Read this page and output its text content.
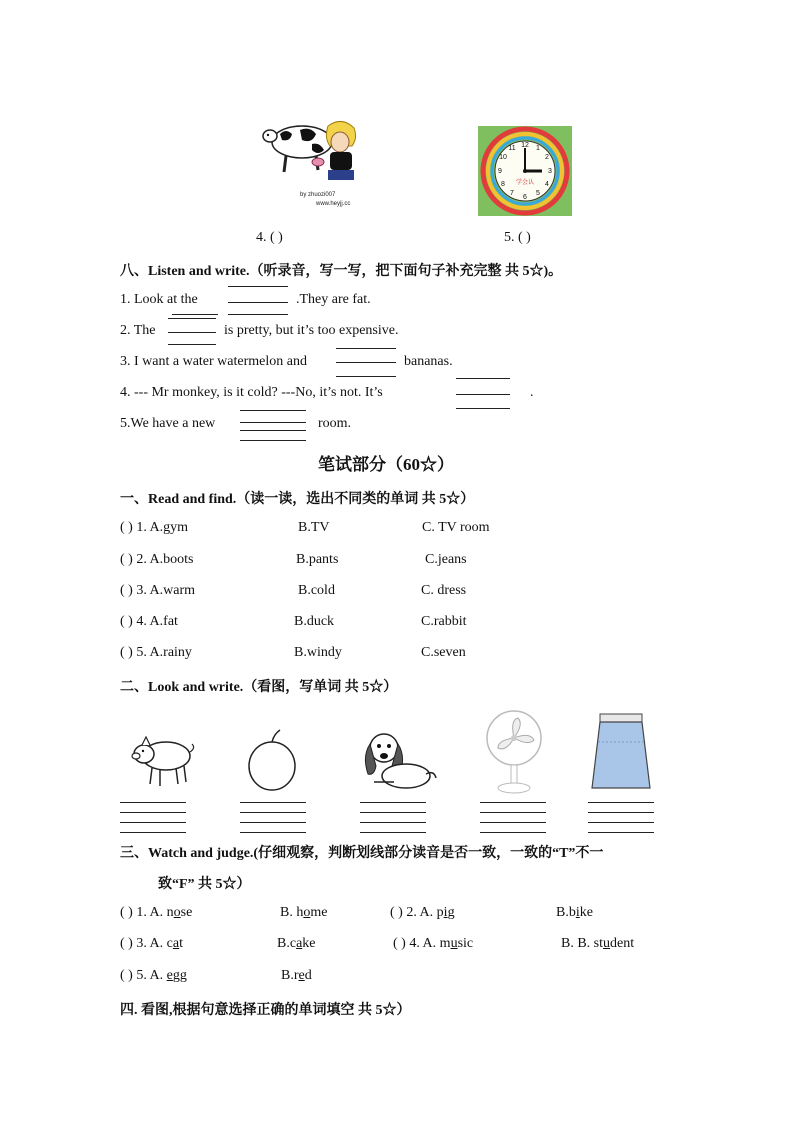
by zhuozi007
www.heyjj.cc
12 1
2
3
4
5
6
7
8
9
10
11
学会认
4. ( )	5. ( )
八、Listen and write.（听录音，写一写，把下面句子补充完整 共 5☆)。
1. Look at the	.They are fat.
2. The	is pretty, but it’s too expensive.
3. I want a water watermelon and	bananas.
4. --- Mr monkey, is it cold? ---No, it’s not. It’s	.
5.We have a new	room.
笔试部分（60☆）
一、Read and find.（读一读，选出不同类的单词 共 5☆）
( ) 1. A.gym	B.TV	C. TV room
( ) 2. A.boots	B.pants	C.jeans
( ) 3. A.warm	B.cold	C. dress
( ) 4. A.fat	B.duck	C.rabbit
( ) 5. A.rainy	B.windy	C.seven
二、Look and write.（看图，写单词 共 5☆）
三、Watch and judge.(仔细观察，判断划线部分读音是否一致，一致的“T”不一
致“F” 共 5☆）
( ) 1. A. nose	B. home	( ) 2. A. pig	B.bike
( ) 3. A. cat	B.cake	( ) 4. A. music	B. B. student
( ) 5. A. egg	B.red
四. 看图,根据句意选择正确的单词填空 共 5☆）
